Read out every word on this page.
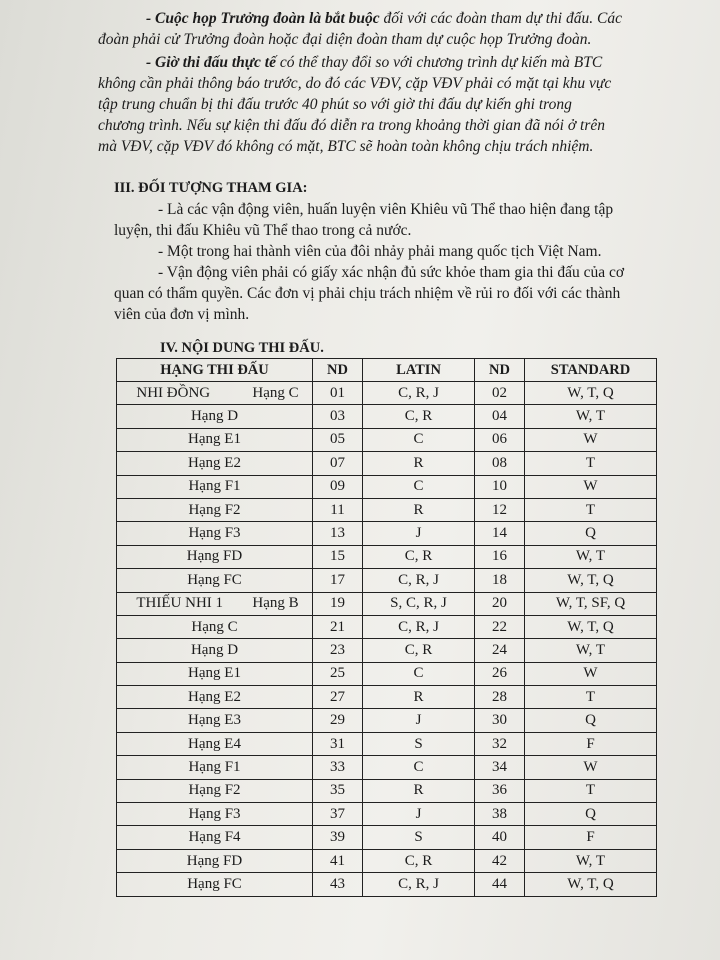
- Cuộc họp Trưởng đoàn là bắt buộc đối với các đoàn tham dự thi đấu. Các
đoàn phải cử Trưởng đoàn hoặc đại diện đoàn tham dự cuộc họp Trưởng đoàn.
- Giờ thi đấu thực tế có thể thay đổi so với chương trình dự kiến mà BTC
không cần phải thông báo trước, do đó các VĐV, cặp VĐV phải có mặt tại khu vực
tập trung chuẩn bị thi đấu trước 40 phút so với giờ thi đấu dự kiến ghi trong
chương trình. Nếu sự kiện thi đấu đó diễn ra trong khoảng thời gian đã nói ở trên
mà VĐV, cặp VĐV đó không có mặt, BTC sẽ hoàn toàn không chịu trách nhiệm.
III. ĐỐI TƯỢNG THAM GIA:
- Là các vận động viên, huấn luyện viên Khiêu vũ Thể thao hiện đang tập
luyện, thi đấu Khiêu vũ Thể thao trong cả nước.
- Một trong hai thành viên của đôi nhảy phải mang quốc tịch Việt Nam.
- Vận động viên phải có giấy xác nhận đủ sức khỏe tham gia thi đấu của cơ
quan có thẩm quyền. Các đơn vị phải chịu trách nhiệm về rủi ro đối với các thành
viên của đơn vị mình.
IV. NỘI DUNG THI ĐẤU.
HẠNG THI ĐẤU	ND	LATIN	ND	STANDARD
NHI ĐỒNG Hạng C	01	C, R, J	02	W, T, Q
Hạng D	03	C, R	04	W, T
Hạng E1	05	C	06	W
Hạng E2	07	R	08	T
Hạng F1	09	C	10	W
Hạng F2	11	R	12	T
Hạng F3	13	J	14	Q
Hạng FD	15	C, R	16	W, T
Hạng FC	17	C, R, J	18	W, T, Q
THIẾU NHI 1 Hạng B	19	S, C, R, J	20	W, T, SF, Q
Hạng C	21	C, R, J	22	W, T, Q
Hạng D	23	C, R	24	W, T
Hạng E1	25	C	26	W
Hạng E2	27	R	28	T
Hạng E3	29	J	30	Q
Hạng E4	31	S	32	F
Hạng F1	33	C	34	W
Hạng F2	35	R	36	T
Hạng F3	37	J	38	Q
Hạng F4	39	S	40	F
Hạng FD	41	C, R	42	W, T
Hạng FC	43	C, R, J	44	W, T, Q
